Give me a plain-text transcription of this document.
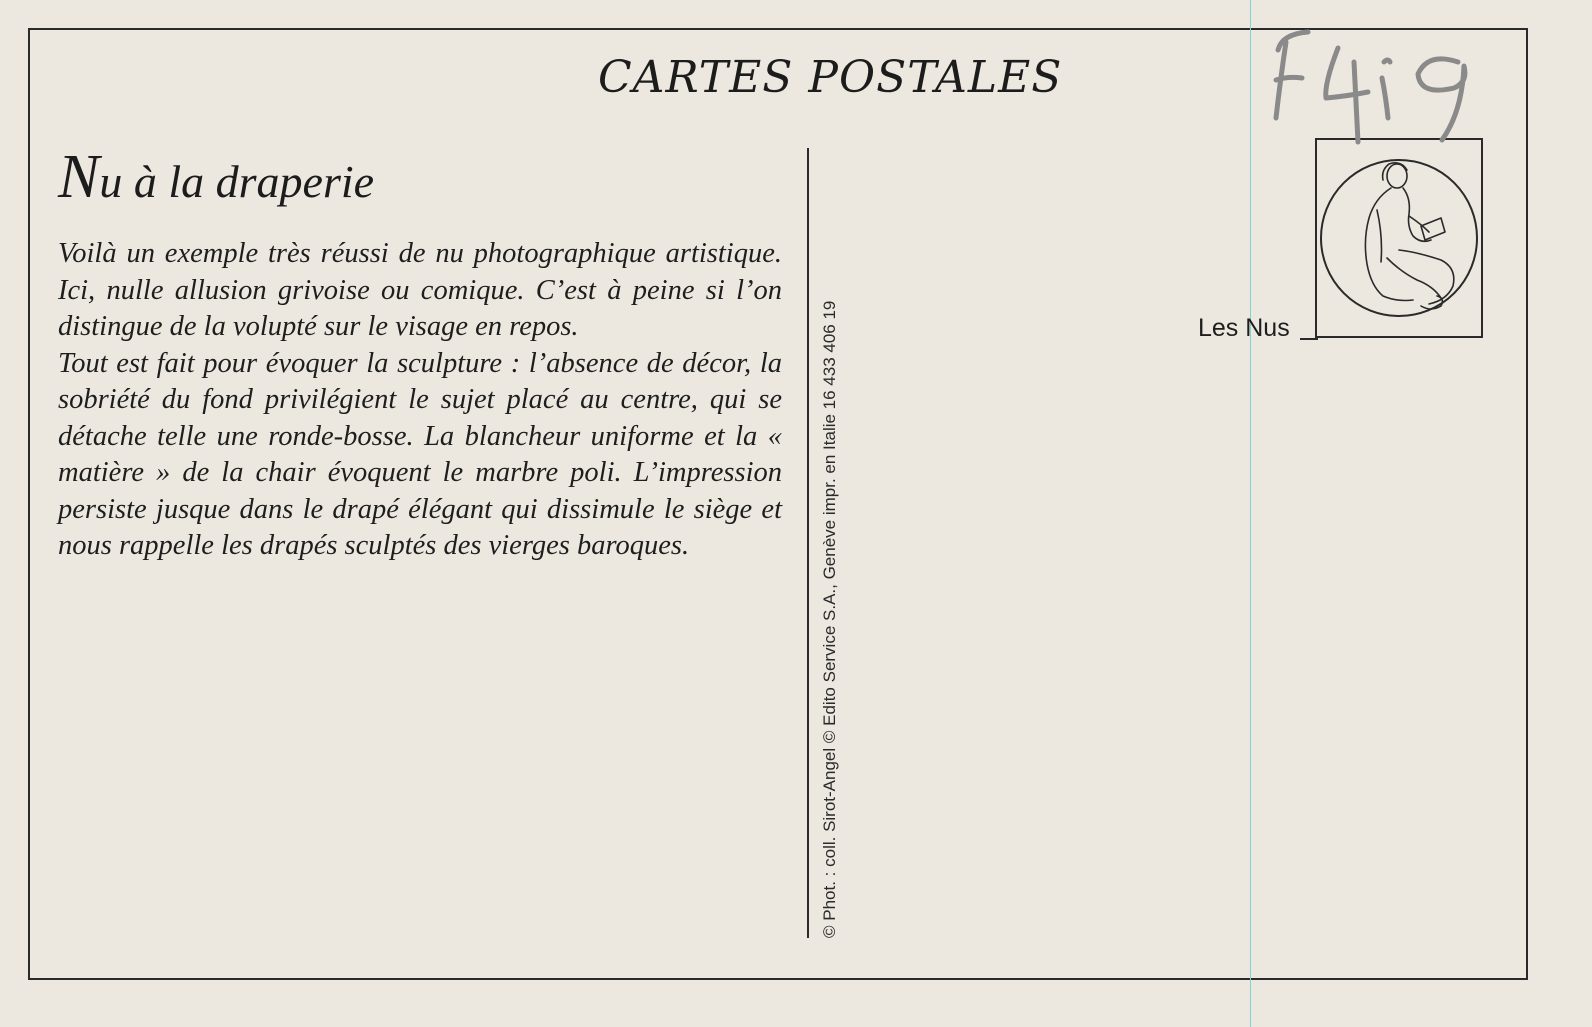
CARTES POSTALES
Nu à la draperie

Voilà un exemple très réussi de nu photographique artistique. Ici, nulle allusion grivoise ou comique. C’est à peine si l’on distingue de la volupté sur le visage en repos.

Tout est fait pour évoquer la sculpture : l’absence de décor, la sobriété du fond privilégient le sujet placé au centre, qui se détache telle une ronde-bosse. La blancheur uniforme et la « matière » de la chair évoquent le marbre poli. L’impression persiste jusque dans le drapé élégant qui dissimule le siège et nous rappelle les drapés sculptés des vierges baroques.	© Phot. : coll. Sirot-Angel © Edito Service S.A., Genève impr. en Italie 16 433 406 19	Les Nus
